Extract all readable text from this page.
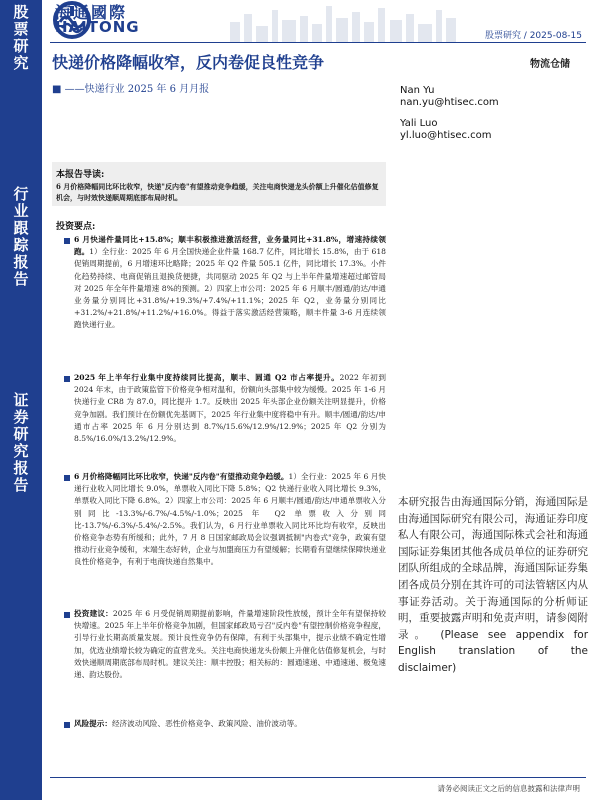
股
票
研
究
行
业
跟
踪
报
告
证
券
研
究
报
告
海通國際
HAITONG	股票研究 / 2025-08-15
快递价格降幅收窄，反内卷促良性竞争	物流仓储
■ ——快递行业 2025 年 6 月月报	Nan Yu
nan.yu@htisec.com
Yali Luo
yl.luo@htisec.com
本报告导读:
6 月价格降幅同比环比收窄，快递"反内卷"有望推动竞争趋缓，关注电商快递龙头价额上升催化估值修复机会，与时效快递顺周期底部布局时机。
投资要点:
6 月快递件量同比+15.8%；顺丰积极推进激活经营，业务量同比+31.8%，增速持续领跑。1）全行业：2025 年 6 月全国快递企业件量 168.7 亿件，同比增长 15.8%，由于 618 促销周期提前，6 月增速环比略降；2025 年 Q2 件量 505.1 亿件，同比增长 17.3%。小件化趋势持续、电商促销且退换货便捷，共同驱动 2025 年 Q2 与上半年件量增速超过邮管局对 2025 年全年件量增速 8%的预测。2）四家上市公司：2025 年 6 月顺丰/圆通/韵达/申通业务量分别同比+31.8%/+19.3%/+7.4%/+11.1%；2025 年 Q2，业务量分别同比+31.2%/+21.8%/+11.2%/+16.0%。得益于落实激活经营策略，顺丰件量 3-6 月连续领跑快递行业。
2025 年上半年行业集中度持续同比提高，顺丰、圆通 Q2 市占率提升。2022 年初到 2024 年末，由于政策监管下价格竞争相对温和，份额向头部集中较为缓慢。2025 年 1-6 月快递行业 CR8 为 87.0，同比提升 1.7。反映出 2025 年头部企业份额关注明显提升，价格竞争加剧。我们预计在份额优先基调下，2025 年行业集中度将稳中有升。顺丰/圆通/韵达/申通市占率 2025 年 6 月分别达到 8.7%/15.6%/12.9%/12.9%；2025 年 Q2 分别为 8.5%/16.0%/13.2%/12.9%。
6 月价格降幅同比环比收窄，快递"反内卷"有望推动竞争趋缓。1）全行业：2025 年 6 月快递行业收入同比增长 9.0%，单票收入同比下降 5.8%；Q2 快递行业收入同比增长 9.3%，单票收入同比下降 6.8%。2）四家上市公司：2025 年 6 月顺丰/圆通/韵达/申通单票收入分别同比-13.3%/-6.7%/-4.5%/-1.0%；2025 年 Q2 单票收入分别同比-13.7%/-6.3%/-5.4%/-2.5%。我们认为，6 月行业单票收入同比环比均有收窄，反映出价格竞争态势有所缓和；此外，7 月 8 日国家邮政局会议强调抵制"内卷式"竞争，政策有望推动行业竞争缓和，末端生态好转，企业与加盟商压力有望缓解；长期看有望继续保障快递业良性价格竞争，有利于电商快递自然集中。
投资建议：2025 年 6 月受促销周期提前影响，件量增速阶段性放缓，预计全年有望保持较快增速。2025 年上半年价格竞争加剧，但国家邮政局亏召"反内卷"有望控制价格竞争程度，引导行业长期高质量发展。预计良性竞争仍有保障，有利于头部集中，提示业绩不确定性增加，优选业绩增长较为确定的直营龙头。关注电商快递龙头份额上升催化估值修复机会，与时效快递顺周期底部布局时机。建议关注：顺丰控股；相关标的：圆通速递、中通速递、极兔速递、韵达股份。
风险提示：经济波动风险、恶性价格竞争、政策风险、油价波动等。
本研究报告由海通国际分销，海通国际是由海通国际研究有限公司，海通证券印度私人有限公司，海通国际株式会社和海通国际证券集团其他各成员单位的证券研究团队所组成的全球品牌，海通国际证券集团各成员分别在其许可的司法管辖区内从事证券活动。关于海通国际的分析师证明，重要披露声明和免责声明，请参阅附录。 (Please see appendix for English translation of the disclaimer)
请务必阅读正文之后的信息披露和法律声明
